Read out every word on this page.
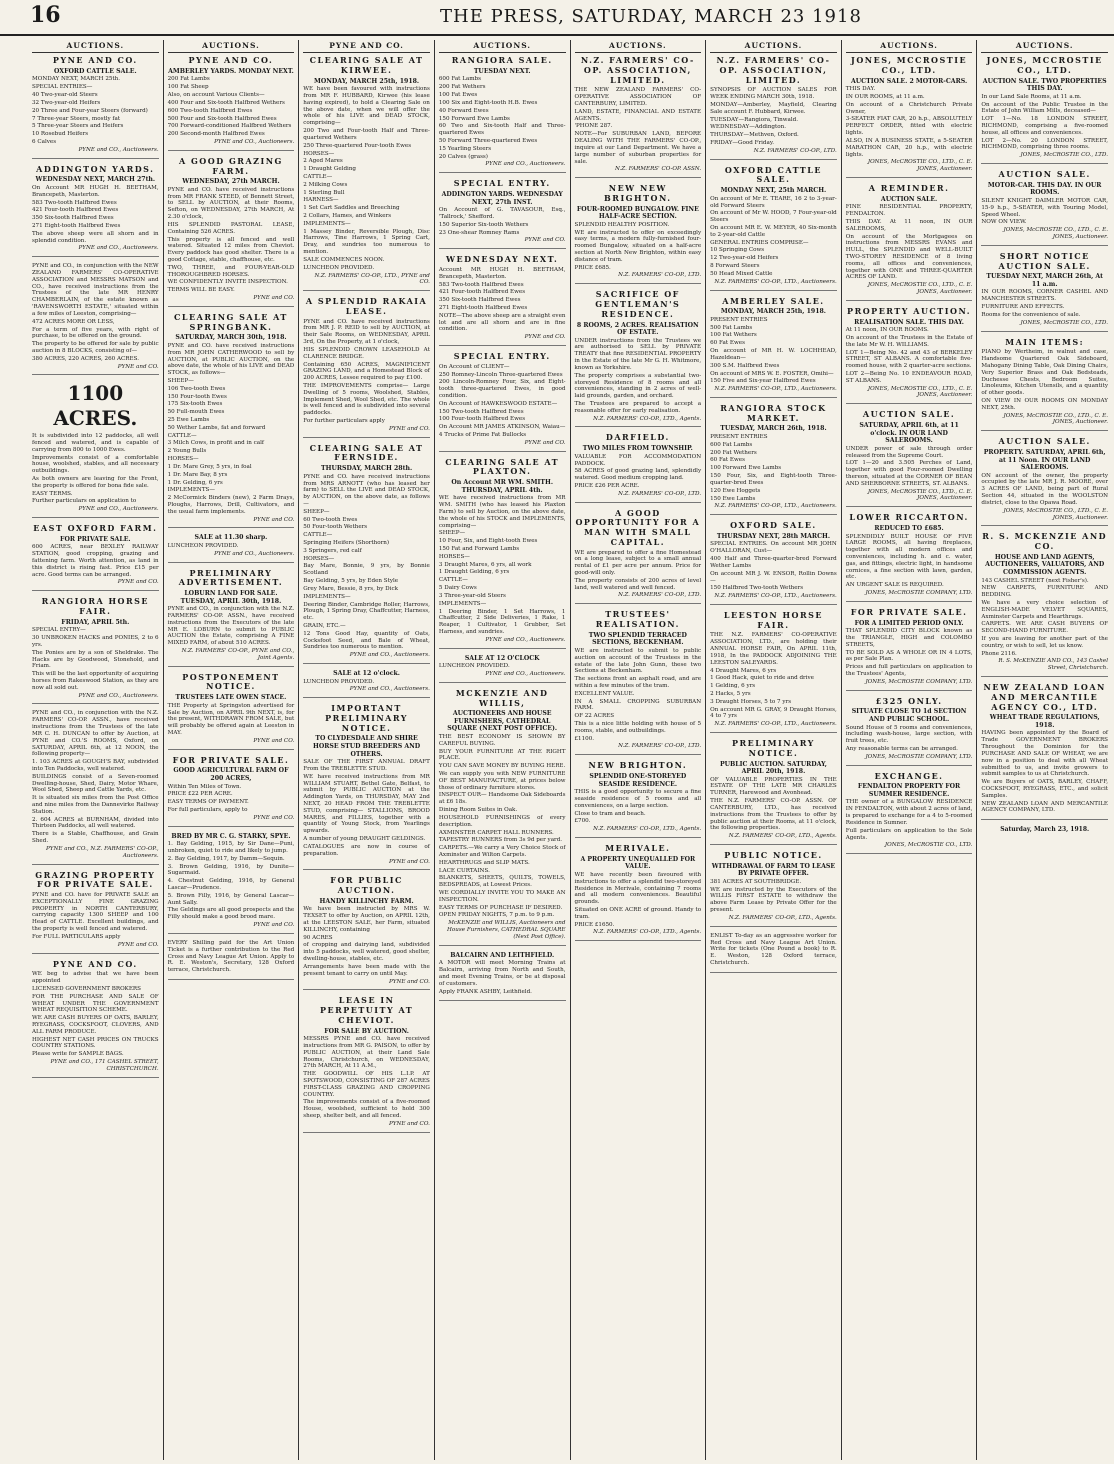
16	THE PRESS, SATURDAY, MARCH 23 1918
AUCTIONS.
PYNE AND CO.
OXFORD CATTLE SALE.

MONDAY NEXT, MARCH 25th.

SPECIAL ENTRIES—

40 Two-year-old Steers

32 Two-year-old Heifers

20 Three and Four-year Steers (forward)

7 Three-year Steers, mostly fat

5 Three-year Steers and Heifers

10 Rosebud Heifers

6 Calves

PYNE and CO., Auctioneers.
ADDINGTON YARDS.
WEDNESDAY NEXT, MARCH 27th.

On Account MR HUGH H. BEETHAM, Brancepeth, Masterton.

583 Two-tooth Halfbred Ewes

421 Four-tooth Halfbred Ewes

350 Six-tooth Halfbred Ewes

271 Eight-tooth Halfbred Ewes

The above sheep were all shorn and in splendid condition.

PYNE and CO., Auctioneers.

PYNE and CO., in conjunction with the NEW ZEALAND FARMERS' CO-OPERATIVE ASSOCIATION and MESSRS MATSON and CO., have received instructions from the Trustees of the late MR HENRY CHAMBERLAIN, of the estate known as 'RAVENSWORTH ESTATE,' situated within a few miles of Leeston, comprising—

472 ACRES MORE OR LESS,

For a term of five years, with right of purchase, to be offered on the ground.

The property to be offered for sale by public auction in 8 BLOCKS, consisting of—

380 ACRES, 220 ACRES, 260 ACRES.

PYNE and CO.
1100 ACRES.

It is subdivided into 12 paddocks, all well fenced and watered, and is capable of carrying from 800 to 1000 Ewes.

Improvements consist of a comfortable house, woolshed, stables, and all necessary outbuildings.

As both owners are leaving for the Front, the property is offered for bona fide sale.

EASY TERMS.

Further particulars on application to

PYNE and CO., Auctioneers.
EAST OXFORD FARM.
FOR PRIVATE SALE.

600 ACRES, near BEXLEY RAILWAY STATION, good cropping, grazing and fattening farm. Worth attention, as land in this district is rising fast. Price £15 per acre. Good terms can be arranged.

PYNE and CO.
RANGIORA HORSE FAIR.
FRIDAY, APRIL 5th.

SPECIAL ENTRY—

30 UNBROKEN HACKS and PONIES, 2 to 6 yrs.

The Ponies are by a son of Sheldrake. The Hacks are by Goodwood, Stonehold, and Friam.

This will be the last opportunity of acquiring horses from Rakeswood Station, as they are now all sold out.

PYNE and CO., Auctioneers.

PYNE and CO., in conjunction with the N.Z. FARMERS' CO-OP. ASSN., have received instructions from the Trustees of the late MR C. H. DUNCAN to offer by Auction, at PYNE and CO.'S ROOMS, Oxford, on SATURDAY, APRIL 6th, at 12 NOON, the following property—

1. 103 ACRES at GOUGH'S BAY, subdivided into Ten Paddocks, well watered.

BUILDINGS consist of a Seven-roomed Dwelling-house, Shed, Dairy, Motor Whare, Wool Shed, Sheep and Cattle Yards, etc.

It is situated six miles from the Post Office and nine miles from the Dannevirke Railway Station.

2. 604 ACRES at BURNHAM, divided into Thirteen Paddocks, all well watered.

There is a Stable, Chaffhouse, and Grain Shed.

PYNE and CO., N.Z. FARMERS' CO-OP., Auctioneers.
GRAZING PROPERTY FOR PRIVATE SALE.

PYNE and CO. have for PRIVATE SALE an EXCEPTIONALLY FINE GRAZING PROPERTY in NORTH CANTERBURY, carrying capacity 1300 SHEEP and 100 Head of CATTLE. Excellent buildings, and the property is well fenced and watered.

For FULL PARTICULARS apply

PYNE and CO.
PYNE AND CO.

WE beg to advise that we have been appointed

LICENSED GOVERNMENT BROKERS

FOR THE PURCHASE AND SALE OF WHEAT UNDER THE GOVERNMENT WHEAT REQUISITION SCHEME.

WE ARE CASH BUYERS OF OATS, BARLEY, RYEGRASS, COCKSFOOT, CLOVERS, AND ALL FARM PRODUCE.

HIGHEST NET CASH PRICES ON TRUCKS COUNTRY STATIONS.

Please write for SAMPLE BAGS.

PYNE and CO., 171 CASHEL STREET, CHRISTCHURCH.
AUCTIONS.
PYNE AND CO.
AMBERLEY YARDS. MONDAY NEXT.

200 Fat Lambs

100 Fat Sheep

Also, on account Various Clients—

400 Four and Six-tooth Halfbred Wethers

600 Two-tooth Halfbred Ewes

500 Four and Six-tooth Halfbred Ewes

700 Forward-conditioned Halfbred Wethers

200 Second-month Halfbred Ewes

PYNE and CO., Auctioneers.
A GOOD GRAZING FARM.
WEDNESDAY, 27th MARCH.

PYNE and CO. have received instructions from MR FRANK STEED, of Bennett Street, to SELL by AUCTION, at their Rooms, Sefton, on WEDNESDAY, 27th MARCH, At 2.30 o'clock,

HIS SPLENDID PASTORAL LEASE, Containing 526 ACRES.

This property is all fenced and well watered. Situated 12 miles from Cheviot. Every paddock has good shelter. There is a good Cottage, stable, chaffhouse, etc.

TWO, THREE, and FOUR-YEAR-OLD THOROUGHBRED HORSES.

WE CONFIDENTLY INVITE INSPECTION.

TERMS WILL BE EASY.

PYNE and CO.
CLEARING SALE AT SPRINGBANK.
SATURDAY, MARCH 30th, 1918.

PYNE and CO. have received instructions from MR JOHN CATHERWOOD to sell by AUCTION, at PUBLIC AUCTION, on the above date, the whole of his LIVE and DEAD STOCK, as follows—

SHEEP—

106 Two-tooth Ewes

150 Four-tooth Ewes

175 Six-tooth Ewes

50 Full-mouth Ewes

25 Ewe Lambs

50 Wether Lambs, fat and forward

CATTLE—

3 Milch Cows, in profit and in calf

2 Young Bulls

HORSES—

1 Dr. Mare Grey, 5 yrs, in foal

1 Dr. Mare Bay, 8 yrs

1 Dr. Gelding, 6 yrs

IMPLEMENTS—

2 McCormick Binders (new), 2 Farm Drays, Ploughs, Harrows, Drill, Cultivators, and the usual farm implements.

PYNE and CO.
SALE at 11.30 sharp.

LUNCHEON PROVIDED.

PYNE and CO., Auctioneers.
PRELIMINARY ADVERTISEMENT.
LOBURN LAND FOR SALE. TUESDAY, APRIL 30th, 1918.

PYNE and CO., in conjunction with the N.Z. FARMERS' CO-OP. ASSN., have received instructions from the Executors of the late MR E. LOBURN to submit to PUBLIC AUCTION the Estate, comprising A FINE MIXED FARM, of about 510 ACRES.

N.Z. FARMERS' CO-OP., PYNE and CO., Joint Agents.
POSTPONEMENT NOTICE.
TRUSTEES LATE OWEN STACE.

THE Property at Springston advertised for Sale by Auction, on APRIL 9th NEXT, is, for the present, WITHDRAWN FROM SALE, but will probably be offered again at Leeston in MAY.

PYNE and CO.
FOR PRIVATE SALE.
GOOD AGRICULTURAL FARM OF 200 ACRES,

Within Ten Miles of Town.

PRICE £22 PER ACRE.

EASY TERMS OF PAYMENT.

For full particulars, apply to

PYNE and CO.
BRED BY MR C. G. STARKY, SPYE.

1. Bay Gelding, 1915, by Sir Dane—Puni, unbroken, quiet to ride and likely to jump.

2. Bay Gelding, 1917, by Damm—Sequin.

3. Brown Gelding, 1916, by Dunite—Sugarmaid.

4. Chestnut Gelding, 1916, by General Lascar—Prudence.

5. Brown Filly, 1916, by General Lascar—Aunt Sally.

The Geldings are all good prospects and the Filly should make a good brood mare.

PYNE and CO.

EVERY Shilling paid for the Art Union Ticket is a further contribution to the Red Cross and Navy League Art Union. Apply to R. E. Weston's, Secretary, 128 Oxford terrace, Christchurch.

PYNE AND CO.
CLEARING SALE AT KIRWEE.
MONDAY, MARCH 25th, 1918.

WE have been favoured with instructions from MR F. HUBBARD, Kirwee (his lease having expired), to hold a Clearing Sale on the above date, when we will offer the whole of his LIVE and DEAD STOCK, comprising—

200 Two and Four-tooth Half and Three-quartered Wethers

250 Three-quartered Four-tooth Ewes

HORSES—

2 Aged Mares

1 Draught Gelding

CATTLE—

2 Milking Cows

1 Sterling Bull

HARNESS—

1 Set Cart Saddles and Breeching

2 Collars, Hames, and Winkers

IMPLEMENTS—

1 Massey Binder, Reversible Plough, Disc Harrows, Tine Harrows, 1 Spring Cart, Dray, and sundries too numerous to mention.

SALE COMMENCES NOON.

LUNCHEON PROVIDED.

N.Z. FARMERS' CO-OP., LTD., PYNE and CO.
A SPLENDID RAKAIA LEASE.

PYNE and CO. have received instructions from MR J. P. REID to sell by AUCTION, at their Sale Rooms, on WEDNESDAY, APRIL 3rd, On the Property, at 1 o'clock,

HIS SPLENDID CROWN LEASEHOLD At CLARENCE BRIDGE.

Containing 650 ACRES, MAGNIFICENT GRAZING LAND, and a Homestead Block of 200 ACRES, Lessee required to pay £100.

THE IMPROVEMENTS comprise— Large Dwelling of 5 rooms, Woolshed, Stables, Implement Shed, Wool Shed, etc. The whole is well fenced and is subdivided into several paddocks.

For further particulars apply

PYNE and CO.
CLEARING SALE AT FERNSIDE.
THURSDAY, MARCH 28th.

PYNE and CO. have received instructions from MRS ARNOTT (who has leased her farm) to SELL the LIVE and DEAD STOCK, by AUCTION, on the above date, as follows—

SHEEP—

60 Two-tooth Ewes

50 Four-tooth Wethers

CATTLE—

Springing Heifers (Shorthorn)

3 Springers, red calf

HORSES—

Bay Mare, Bonnie, 9 yrs, by Bonnie Scotland

Bay Gelding, 5 yrs, by Eden Style

Grey Mare, Bessie, 8 yrs, by Dick

IMPLEMENTS—

Deering Binder, Cambridge Roller, Harrows, Plough, 1 Spring Dray, Chaffcutter, Harness, etc.

GRAIN, ETC.—

12 Tons Good Hay, quantity of Oats, Cocksfoot Seed, and Bale of Wheat, Sundries too numerous to mention.

PYNE and CO., Auctioneers.
SALE at 12 o'clock.

LUNCHEON PROVIDED.

PYNE and CO., Auctioneers.
IMPORTANT PRELIMINARY NOTICE.
TO CLYDESDALE AND SHIRE HORSE STUD BREEDERS AND OTHERS.

SALE OF THE FIRST ANNUAL DRAFT From the TREBLETTE STUD.

WE have received instructions from MR WILLIAM STUART, Bethel Gate, Belfast, to submit by PUBLIC AUCTION at the Addington Yards, on THURSDAY, MAY 2nd NEXT, 20 HEAD FROM THE TREBLETTE STUD, comprising— STALLIONS, BROOD MARES, and FILLIES, together with a quantity of Young Stock, from Yearlings upwards.

A number of young DRAUGHT GELDINGS.

CATALOGUES are now in course of preparation.

PYNE and CO.
FOR PUBLIC AUCTION.
HANDY KILLINCHY FARM.

We have been instructed by MRS W. TEXSET to offer by Auction, on APRIL 12th, at the LEESTON SALE, her Farm, situated KILLINCHY, containing

90 ACRES

of cropping and dairying land, subdivided into 5 paddocks, well watered, good shelter, dwelling-house, stables, etc.

Arrangements have been made with the present tenant to carry on until May.

PYNE and CO.
LEASE IN PERPETUITY AT CHEVIOT.
FOR SALE BY AUCTION.

MESSRS PYNE and CO. have received instructions from MR G. PAISON, to offer by PUBLIC AUCTION, at their Land Sale Rooms, Christchurch, on WEDNESDAY, 27th MARCH, At 11 A.M.,

THE GOODWILL OF HIS L.I.P. AT SPOTSWOOD, CONSISTING OF 287 ACRES FIRST-CLASS GRAZING AND CROPPING COUNTRY.

The improvements consist of a five-roomed House, woolshed, sufficient to hold 300 sheep, shelter belt, and all fenced.

PYNE and CO.
AUCTIONS.
RANGIORA SALE.
TUESDAY NEXT.

600 Fat Lambs

200 Fat Wethers

100 Fat Ewes

100 Six and Eight-tooth H.B. Ewes

40 Forward Ewes

150 Forward Ewe Lambs

60 Two and Six-tooth Half and Three-quartered Ewes

50 Forward Three-quartered Ewes

15 Yearling Steers

20 Calves (grass)

PYNE and CO., Auctioneers.
SPECIAL ENTRY.
ADDINGTON YARDS. WEDNESDAY NEXT, 27th INST.

On Account of G. TAVASOUR, Esq., 'Tallrock,' Shefford.

150 Superior Six-tooth Wethers

23 One-shear Romney Rams

PYNE and CO.
WEDNESDAY NEXT.

Account MR HUGH H. BEETHAM, Brancepeth, Masterton.

583 Two-tooth Halfbred Ewes

421 Four-tooth Halfbred Ewes

350 Six-tooth Halfbred Ewes

271 Eight-tooth Halfbred Ewes

NOTE—The above sheep are a straight even lot and are all shorn and are in fine condition.

PYNE and CO.
SPECIAL ENTRY.

On Account of CLIENT—

250 Romney-Lincoln Three-quartered Ewes

200 Lincoln-Romney Four, Six, and Eight-tooth three-quartered Ewes, in good condition.

On Account of HAWKESWOOD ESTATE—

150 Two-tooth Halfbred Ewes

100 Four-tooth Halfbred Ewes

On Account MR JAMES ATKINSON, Waiau—

4 Trucks of Prime Fat Bullocks

PYNE and CO.
CLEARING SALE AT PLAXTON.
On Account MR WM. SMITH. THURSDAY, APRIL 4th.

WE have received instructions from MR WM. SMITH (who has leased his Plaxton Farm) to sell by Auction, on the above date, the whole of his STOCK and IMPLEMENTS, comprising—

SHEEP—

10 Four, Six, and Eight-tooth Ewes

150 Fat and Forward Lambs

HORSES—

3 Draught Mares, 6 yrs, all work

1 Draught Gelding, 6 yrs

CATTLE—

5 Dairy Cows

3 Three-year-old Steers

IMPLEMENTS—

1 Deering Binder, 1 Set Harrows, 1 Chaffcutter, 2 Side Deliveries, 1 Rake, 1 Reaper, 1 Cultivator, 1 Grubber, Set Harness, and sundries.

PYNE and CO., Auctioneers.
SALE AT 12 O'CLOCK

LUNCHEON PROVIDED.

PYNE and CO., Auctioneers.
MCKENZIE AND WILLIS,
AUCTIONEERS AND HOUSE FURNISHERS, CATHEDRAL SQUARE (NEXT POST OFFICE).

THE BEST ECONOMY IS SHOWN BY CAREFUL BUYING.

BUY YOUR FURNITURE AT THE RIGHT PLACE.

YOU CAN SAVE MONEY BY BUYING HERE.

We can supply you with NEW FURNITURE OF BEST MANUFACTURE, at prices below those of ordinary furniture stores.

INSPECT OUR— Handsome Oak Sideboards at £6 18s.

Dining Room Suites in Oak.

HOUSEHOLD FURNISHINGS of every description.

AXMINSTER CARPET HALL RUNNERS.

TAPESTRY RUNNERS from 3s 9d per yard.

CARPETS.—We carry a Very Choice Stock of Axminster and Wilton Carpets.

HEARTHRUGS and SLIP MATS.

LACE CURTAINS.

BLANKETS, SHEETS, QUILTS, TOWELS, BEDSPREADS, at Lowest Prices.

WE CORDIALLY INVITE YOU TO MAKE AN INSPECTION.

EASY TERMS OF PURCHASE IF DESIRED.

OPEN FRIDAY NIGHTS, 7 p.m. to 9 p.m.

McKENZIE and WILLIS, Auctioneers and House Furnishers, CATHEDRAL SQUARE (Next Post Office).
BALCAIRN AND LEITHFIELD.

A MOTOR will meet Morning Trains at Balcairn, arriving from North and South, and meet Evening Trains, or be at disposal of customers.

Apply FRANK ASHBY, Leithfield.

AUCTIONS.
N.Z. FARMERS' CO-OP. ASSOCIATION, LIMITED.

THE NEW ZEALAND FARMERS' CO-OPERATIVE ASSOCIATION OF CANTERBURY, LIMITED.

LAND, ESTATE, FINANCIAL AND ESTATE AGENTS.

'PHONE 287.

NOTE—For SUBURBAN LAND, BEFORE DEALING WITH THE FARMERS' CO-OP., inquire at our Land Department. We have a large number of suburban properties for sale.

N.Z. FARMERS' CO-OP. ASSN.
NEW NEW BRIGHTON.
FOUR-ROOMED BUNGALOW. FINE HALF-ACRE SECTION.

SPLENDID HEALTHY POSITION.

WE are instructed to offer on exceedingly easy terms, a modern fully-furnished four-roomed Bungalow, situated on a half-acre section at North New Brighton, within easy distance of tram.

PRICE £685.

N.Z. FARMERS' CO-OP., LTD.
SACRIFICE OF GENTLEMAN'S RESIDENCE.
8 ROOMS, 2 ACRES. REALISATION OF ESTATE.

UNDER instructions from the Trustees we are authorised to SELL by PRIVATE TREATY that fine RESIDENTIAL PROPERTY in the Estate of the late Mr G. H. Whitmore, known as Yorkshire.

The property comprises a substantial two-storeyed Residence of 8 rooms and all conveniences, standing in 2 acres of well-laid grounds, garden, and orchard.

The Trustees are prepared to accept a reasonable offer for early realisation.

N.Z. FARMERS' CO-OP., LTD., Agents.
DARFIELD.
TWO MILES FROM TOWNSHIP.

VALUABLE FOR ACCOMMODATION PADDOCK.

58 ACRES of good grazing land, splendidly watered. Good medium cropping land.

PRICE £26 PER ACRE.

N.Z. FARMERS' CO-OP., LTD.
A GOOD OPPORTUNITY FOR A MAN WITH SMALL CAPITAL.

WE are prepared to offer a fine Homestead on a long lease, subject to a small annual rental of £1 per acre per annum. Price for good-will only.

The property consists of 200 acres of level land, well watered and well fenced.

N.Z. FARMERS' CO-OP., LTD.
TRUSTEES' REALISATION.
TWO SPLENDID TERRACED SECTIONS, BECKENHAM.

WE are instructed to submit to public auction on account of the Trustees in the estate of the late John Gunn, these two Sections at Beckenham.

The sections front an asphalt road, and are within a few minutes of the tram.

EXCELLENT VALUE.

IN A SMALL CROPPING SUBURBAN FARM.

OF 22 ACRES

This is a nice little holding with house of 5 rooms, stable, and outbuildings.

£1100.

N.Z. FARMERS' CO-OP., LTD.
NEW BRIGHTON.
SPLENDID ONE-STOREYED SEASIDE RESIDENCE.

THIS is a good opportunity to secure a fine seaside residence of 5 rooms and all conveniences, on a large section.

Close to tram and beach.

£700.

N.Z. FARMERS' CO-OP., LTD., Agents.
MERIVALE.
A PROPERTY UNEQUALLED FOR VALUE.

WE have recently been favoured with instructions to offer a splendid two-storeyed Residence in Merivale, containing 7 rooms and all modern conveniences. Beautiful grounds.

Situated on ONE ACRE of ground. Handy to tram.

PRICE £1650.

N.Z. FARMERS' CO-OP., LTD., Agents.
AUCTIONS.
N.Z. FARMERS' CO-OP. ASSOCIATION, LIMITED.

SYNOPSIS OF AUCTION SALES FOR WEEK ENDING MARCH 30th, 1918.

MONDAY—Amberley, Mayfield, Clearing Sale account F. Hubbard, Kirwee.

TUESDAY—Rangiora, Tinwald.

WEDNESDAY—Addington.

THURSDAY—Methven, Oxford.

FRIDAY—Good Friday.

N.Z. FARMERS' CO-OP., LTD.
OXFORD CATTLE SALE.
MONDAY NEXT, 25th MARCH.

On account of Mr E. TEARE, 16 2 to 3-year-old Forward Steers

On account of Mr W. HOOD, 7 Four-year-old Steers

On account MR E. W. MEYER, 40 Six-month to 2-year-old Cattle

GENERAL ENTRIES COMPRISE—

10 Springing Cows

12 Two-year-old Heifers

8 Forward Steers

50 Head Mixed Cattle

N.Z. FARMERS' CO-OP., LTD., Auctioneers.
AMBERLEY SALE.
MONDAY, MARCH 25th, 1918.

PRESENT ENTRIES

500 Fat Lambs

100 Fat Wethers

60 Fat Ewes

On account of MR H. W. LOCHHEAD, Hazeldean—

300 S.M. Halfbred Ewes

On account of MRS W. E. FOSTER, Omihi—

150 Five and Six-year Halfbred Ewes

N.Z. FARMERS' CO-OP., LTD., Auctioneers.
RANGIORA STOCK MARKET.
TUESDAY, MARCH 26th, 1918.

PRESENT ENTRIES

600 Fat Lambs

200 Fat Wethers

60 Fat Ewes

100 Forward Ewe Lambs

150 Four, Six, and Eight-tooth Three-quarter-bred Ewes

120 Ewe Hoggets

150 Ewe Lambs

N.Z. FARMERS' CO-OP., LTD., Auctioneers.
OXFORD SALE.
THURSDAY NEXT, 28th MARCH.

SPECIAL ENTRIES. On account MR JOHN O'HALLORAN, Cust—

400 Half and Three-quarter-bred Forward Wether Lambs

On account MR J. W. ENSOR, Rollin Downs—

150 Halfbred Two-tooth Wethers

N.Z. FARMERS' CO-OP., LTD., Auctioneers.
LEESTON HORSE FAIR.

THE N.Z. FARMERS' CO-OPERATIVE ASSOCIATION, LTD., are holding their ANNUAL HORSE FAIR, On APRIL 11th, 1918, In the PADDOCK ADJOINING THE LEESTON SALEYARDS.

4 Draught Mares, 6 yrs

1 Good Hack, quiet to ride and drive

1 Gelding, 6 yrs

2 Hacks, 5 yrs

3 Draught Horses, 5 to 7 yrs

On account MR G. GRAY, 9 Draught Horses, 4 to 7 yrs

N.Z. FARMERS' CO-OP., LTD., Auctioneers.
PRELIMINARY NOTICE.
PUBLIC AUCTION. SATURDAY, APRIL 20th, 1918.

OF VALUABLE PROPERTIES IN THE ESTATE OF THE LATE MR CHARLES TURNER, Harewood and Avonhead.

THE N.Z. FARMERS' CO-OP. ASSN. OF CANTERBURY, LTD., has received instructions from the Trustees to offer by public auction at their Rooms, at 11 o'clock, the following properties.

N.Z. FARMERS' CO-OP., LTD., Agents.
PUBLIC NOTICE.
WITHDRAWAL OF FARM TO LEASE BY PRIVATE OFFER.

381 ACRES AT SOUTHBRIDGE.

WE are instructed by the Executors of the WILLIS FIRST ESTATE to withdraw the above Farm Lease by Private Offer for the present.

N.Z. FARMERS' CO-OP., LTD., Agents.

ENLIST To-day as an aggressive worker for Red Cross and Navy League Art Union. Write for tickets (One Pound a book) to R. E. Weston, 128 Oxford terrace, Christchurch.

AUCTIONS.
JONES, MCCROSTIE CO., LTD.
AUCTION SALE. 2 MOTOR-CARS.

THIS DAY.

IN OUR ROOMS, at 11 a.m.

On account of a Christchurch Private Owner,

3-SEATER FIAT CAR, 20 h.p., ABSOLUTELY PERFECT ORDER, fitted with electric lights.

ALSO, IN A BUSINESS STATE, a 5-SEATER MARATHON CAR, 20 h.p., with electric lights.

JONES, McCROSTIE CO., LTD., C. E. JONES, Auctioneer.
A REMINDER.
AUCTION SALE.

FINE RESIDENTIAL PROPERTY, FENDALTON.

THIS DAY. At 11 noon, IN OUR SALEROOMS,

On account of the Mortgagees on instructions from MESSRS EVANS and HULL, the SPLENDID and WELL-BUILT TWO-STOREY RESIDENCE of 8 living rooms, all offices and conveniences, together with ONE and THREE-QUARTER ACRES OF LAND.

JONES, McCROSTIE CO., LTD., C. E. JONES, Auctioneer.
PROPERTY AUCTION.
REALISATION SALE. THIS DAY.

At 11 noon, IN OUR ROOMS.

On account of the Trustees in the Estate of the late Mr W. H. WILLIAMS.

LOT 1—Being No. 42 and 43 of BERKELEY STREET, ST ALBANS. A comfortable five-roomed house, with 2 quarter-acre sections.

LOT 2—Being No. 10 ENDEAVOUR ROAD, ST ALBANS.

JONES, McCROSTIE CO., LTD., C. E. JONES, Auctioneer.
AUCTION SALE.
SATURDAY, APRIL 6th, at 11 o'clock. IN OUR LAND SALEROOMS.

UNDER power of sale through order released from the Supreme Court.

LOT 1—20 and 3.505 Perches of Land, together with good Four-roomed Dwelling thereon, situated at the CORNER OF BEAN AND SHERBORNE STREETS, ST. ALBANS.

JONES, McCROSTIE CO., LTD., C. E. JONES, Auctioneer.
LOWER RICCARTON.
REDUCED TO £685.

SPLENDIDLY BUILT HOUSE OF FIVE LARGE ROOMS, all having fireplaces, together with all modern offices and conveniences, including h. and c. water, gas, and fittings, electric light, in handsome cornices, a fine section with lawn, garden, etc.

AN URGENT SALE IS REQUIRED.

JONES, McCROSTIE COMPANY, LTD.
FOR PRIVATE SALE.
FOR A LIMITED PERIOD ONLY.

THAT SPLENDID CITY BLOCK known as the TRIANGLE, HIGH and COLOMBO STREETS,

TO BE SOLD AS A WHOLE OR IN 4 LOTS, as per Sale Plan.

Prices and full particulars on application to the Trustees' Agents,

JONES, McCROSTIE COMPANY, LTD.
£325 ONLY.
SITUATE CLOSE TO 1d SECTION AND PUBLIC SCHOOL.

Sound House of 5 rooms and conveniences, including wash-house, large section, with fruit trees, etc.

Any reasonable terms can be arranged.

JONES, McCROSTIE COMPANY, LTD.
EXCHANGE.
FENDALTON PROPERTY FOR SUMMER RESIDENCE.

THE owner of a BUNGALOW RESIDENCE IN FENDALTON, with about 2 acres of land, is prepared to exchange for a 4 to 5-roomed Residence in Sumner.

Full particulars on application to the Sole Agents.

JONES, McCROSTIE CO., LTD.
AUCTIONS.
JONES, MCCROSTIE CO., LTD.
AUCTION SALE. TWO PROPERTIES THIS DAY.

In our Land Sale Rooms, at 11 a.m.

On account of the Public Trustee in the Estate of John William Mills, deceased—

LOT 1—No. 18 LONDON STREET, RICHMOND, comprising a five-roomed house, all offices and conveniences.

LOT 2—No. 20 LONDON STREET, RICHMOND, comprising three rooms.

JONES, McCROSTIE CO., LTD.
AUCTION SALE.
MOTOR-CAR. THIS DAY. IN OUR ROOMS.

SILENT KNIGHT DAIMLER MOTOR CAR, 15-9 h.p., 5-SEATER, with Touring Model, Speed Wheel.

NOW ON VIEW.

JONES, McCROSTIE CO., LTD., C. E. JONES, Auctioneer.
SHORT NOTICE AUCTION SALE.
TUESDAY NEXT, MARCH 26th, At 11 a.m.

IN OUR ROOMS, CORNER CASHEL AND MANCHESTER STREETS.

FURNITURE AND EFFECTS.

Rooms for the convenience of sale.

JONES, McCROSTIE CO., LTD.
MAIN ITEMS:

PIANO by Wertheim, in walnut and case, Handsome Quartered Oak Sideboard, Mahogany Dining Table, Oak Dining Chairs, Very Superior Brass and Oak Bedsteads, Duchesse Chests, Bedroom Suites, Linoleums, Kitchen Utensils, and a quantity of other goods.

ON VIEW IN OUR ROOMS ON MONDAY NEXT, 25th.

JONES, McCROSTIE CO., LTD., C. E. JONES, Auctioneer.
AUCTION SALE.
PROPERTY. SATURDAY, APRIL 6th, at 11 Noon. IN OUR LAND SALEROOMS.

ON account of the owner, the property occupied by the late MR J. R. MOORE, over 3 ACRES OF LAND, being part of Rural Section 44, situated in the WOOLSTON district, close to the Opawa Road.

JONES, McCROSTIE CO., LTD., C. E. JONES, Auctioneer.
R. S. MCKENZIE AND CO.
HOUSE AND LAND AGENTS, AUCTIONEERS, VALUATORS, AND COMMISSION AGENTS.

143 CASHEL STREET (next Fisher's).

NEW CARPETS, FURNITURE AND BEDDING.

We have a very choice selection of ENGLISH-MADE VELVET SQUARES, Axminster Carpets and Hearthrugs.

CARPETS. WE ARE CASH BUYERS OF SECOND-HAND FURNITURE.

If you are leaving for another part of the country, or wish to sell, let us know.

Phone 2116.

R. S. McKENZIE AND CO., 143 Cashel Street, Christchurch.
NEW ZEALAND LOAN AND MERCANTILE AGENCY CO., LTD.
WHEAT TRADE REGULATIONS, 1918.

HAVING been appointed by the Board of Trade GOVERNMENT BROKERS Throughout the Dominion for the PURCHASE AND SALE OF WHEAT, we are now in a position to deal with all Wheat submitted to us, and invite growers to submit samples to us at Christchurch.

We are Buyers of OATS, BARLEY, CHAFF, COCKSFOOT, RYEGRASS, ETC., and solicit Samples.

NEW ZEALAND LOAN AND MERCANTILE AGENCY COMPANY, LTD.

Saturday, March 23, 1918.
